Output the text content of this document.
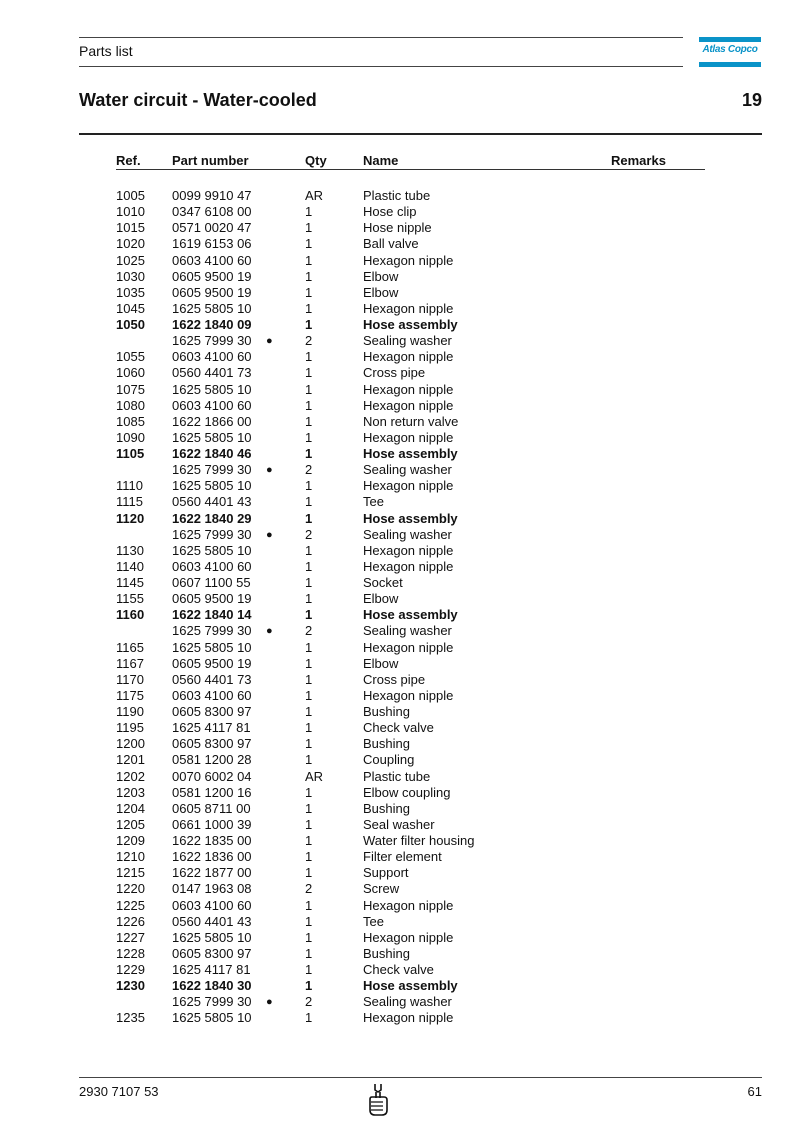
Parts list	Atlas Copco
Water circuit - Water-cooled	19
Ref. Part number	Qty	Name	Remarks
1005 0099 9910 47	AR	Plastic tube
1010 0347 6108 00	1	Hose clip
1015 0571 0020 47	1	Hose nipple
1020 1619 6153 06	1	Ball valve
1025 0603 4100 60	1	Hexagon nipple
1030 0605 9500 19	1	Elbow
1035 0605 9500 19	1	Elbow
1045 1625 5805 10	1	Hexagon nipple
1050 1622 1840 09	1	Hose assembly
1625 7999 30 ● 2	Sealing washer
1055 0603 4100 60	1	Hexagon nipple
1060 0560 4401 73	1	Cross pipe
1075 1625 5805 10	1	Hexagon nipple
1080 0603 4100 60	1	Hexagon nipple
1085 1622 1866 00	1	Non return valve
1090 1625 5805 10	1	Hexagon nipple
1105 1622 1840 46	1	Hose assembly
1625 7999 30 ● 2	Sealing washer
1110 1625 5805 10	1	Hexagon nipple
1115 0560 4401 43	1	Tee
1120 1622 1840 29	1	Hose assembly
1625 7999 30 ● 2	Sealing washer
1130 1625 5805 10	1	Hexagon nipple
1140 0603 4100 60	1	Hexagon nipple
1145 0607 1100 55	1	Socket
1155 0605 9500 19	1	Elbow
1160 1622 1840 14	1	Hose assembly
1625 7999 30 ● 2	Sealing washer
1165 1625 5805 10	1	Hexagon nipple
1167 0605 9500 19	1	Elbow
1170 0560 4401 73	1	Cross pipe
1175 0603 4100 60	1	Hexagon nipple
1190 0605 8300 97	1	Bushing
1195 1625 4117 81	1	Check valve
1200 0605 8300 97	1	Bushing
1201 0581 1200 28	1	Coupling
1202 0070 6002 04	AR	Plastic tube
1203 0581 1200 16	1	Elbow coupling
1204 0605 8711 00	1	Bushing
1205 0661 1000 39	1	Seal washer
1209 1622 1835 00	1	Water filter housing
1210 1622 1836 00	1	Filter element
1215 1622 1877 00	1	Support
1220 0147 1963 08	2	Screw
1225 0603 4100 60	1	Hexagon nipple
1226 0560 4401 43	1	Tee
1227 1625 5805 10	1	Hexagon nipple
1228 0605 8300 97	1	Bushing
1229 1625 4117 81	1	Check valve
1230 1622 1840 30	1	Hose assembly
1625 7999 30 ● 2	Sealing washer
1235 1625 5805 10	1	Hexagon nipple
2930 7107 53	61
